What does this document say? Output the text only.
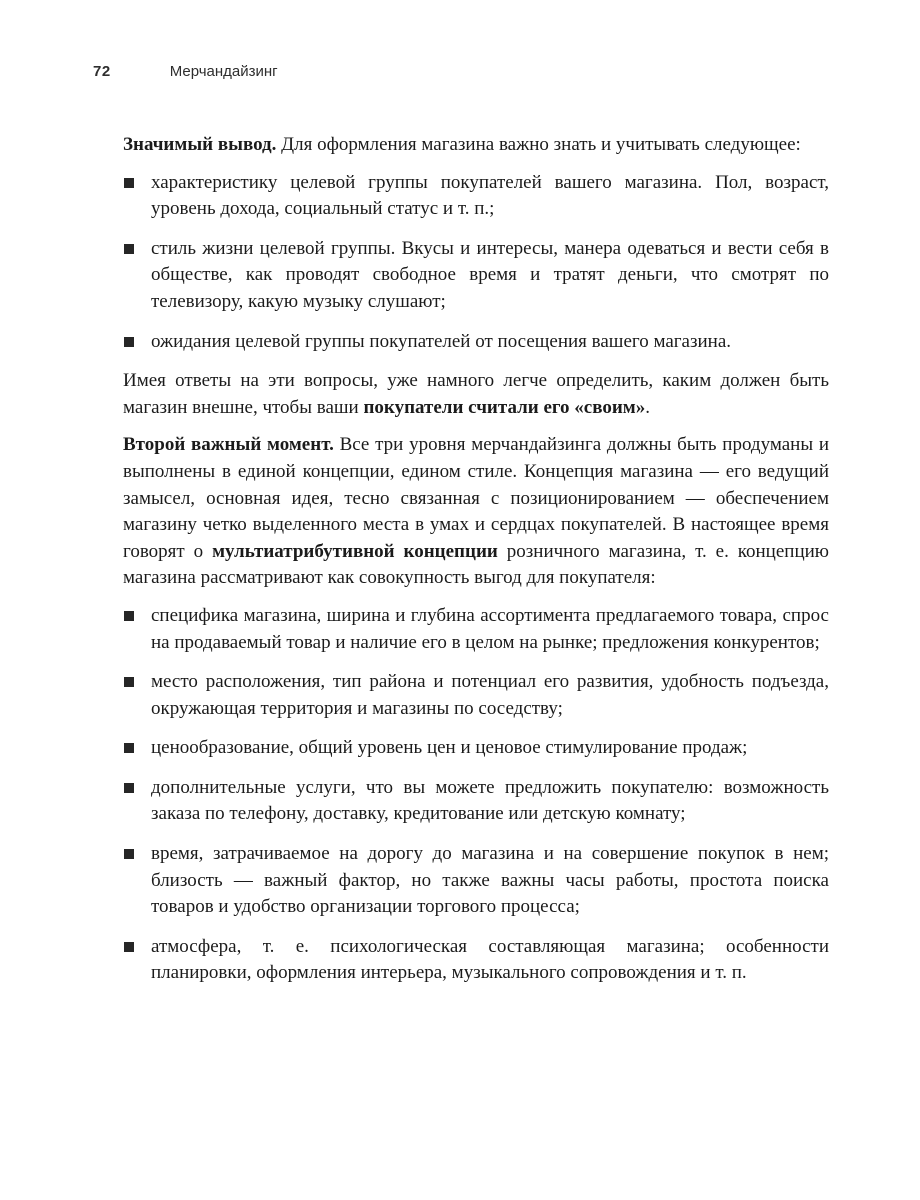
72	Мерчандайзинг
Значимый вывод. Для оформления магазина важно знать и учитывать следующее:
характеристику целевой группы покупателей вашего магазина. Пол, возраст, уровень дохода, социальный статус и т. п.;
стиль жизни целевой группы. Вкусы и интересы, манера одеваться и вести себя в обществе, как проводят свободное время и тратят деньги, что смотрят по телевизору, какую музыку слушают;
ожидания целевой группы покупателей от посещения вашего магазина.
Имея ответы на эти вопросы, уже намного легче определить, каким должен быть магазин внешне, чтобы ваши покупатели считали его «своим».
Второй важный момент. Все три уровня мерчандайзинга должны быть продуманы и выполнены в единой концепции, едином стиле. Концепция магазина — его ведущий замысел, основная идея, тесно связанная с позиционированием — обеспечением магазину четко выделенного места в умах и сердцах покупателей. В настоящее время говорят о мультиатрибутивной концепции розничного магазина, т. е. концепцию магазина рассматривают как совокупность выгод для покупателя:
специфика магазина, ширина и глубина ассортимента предлагаемого товара, спрос на продаваемый товар и наличие его в целом на рынке; предложения конкурентов;
место расположения, тип района и потенциал его развития, удобность подъезда, окружающая территория и магазины по соседству;
ценообразование, общий уровень цен и ценовое стимулирование продаж;
дополнительные услуги, что вы можете предложить покупателю: возможность заказа по телефону, доставку, кредитование или детскую комнату;
время, затрачиваемое на дорогу до магазина и на совершение покупок в нем; близость — важный фактор, но также важны часы работы, простота поиска товаров и удобство организации торгового процесса;
атмосфера, т. е. психологическая составляющая магазина; особенности планировки, оформления интерьера, музыкального сопровождения и т. п.
